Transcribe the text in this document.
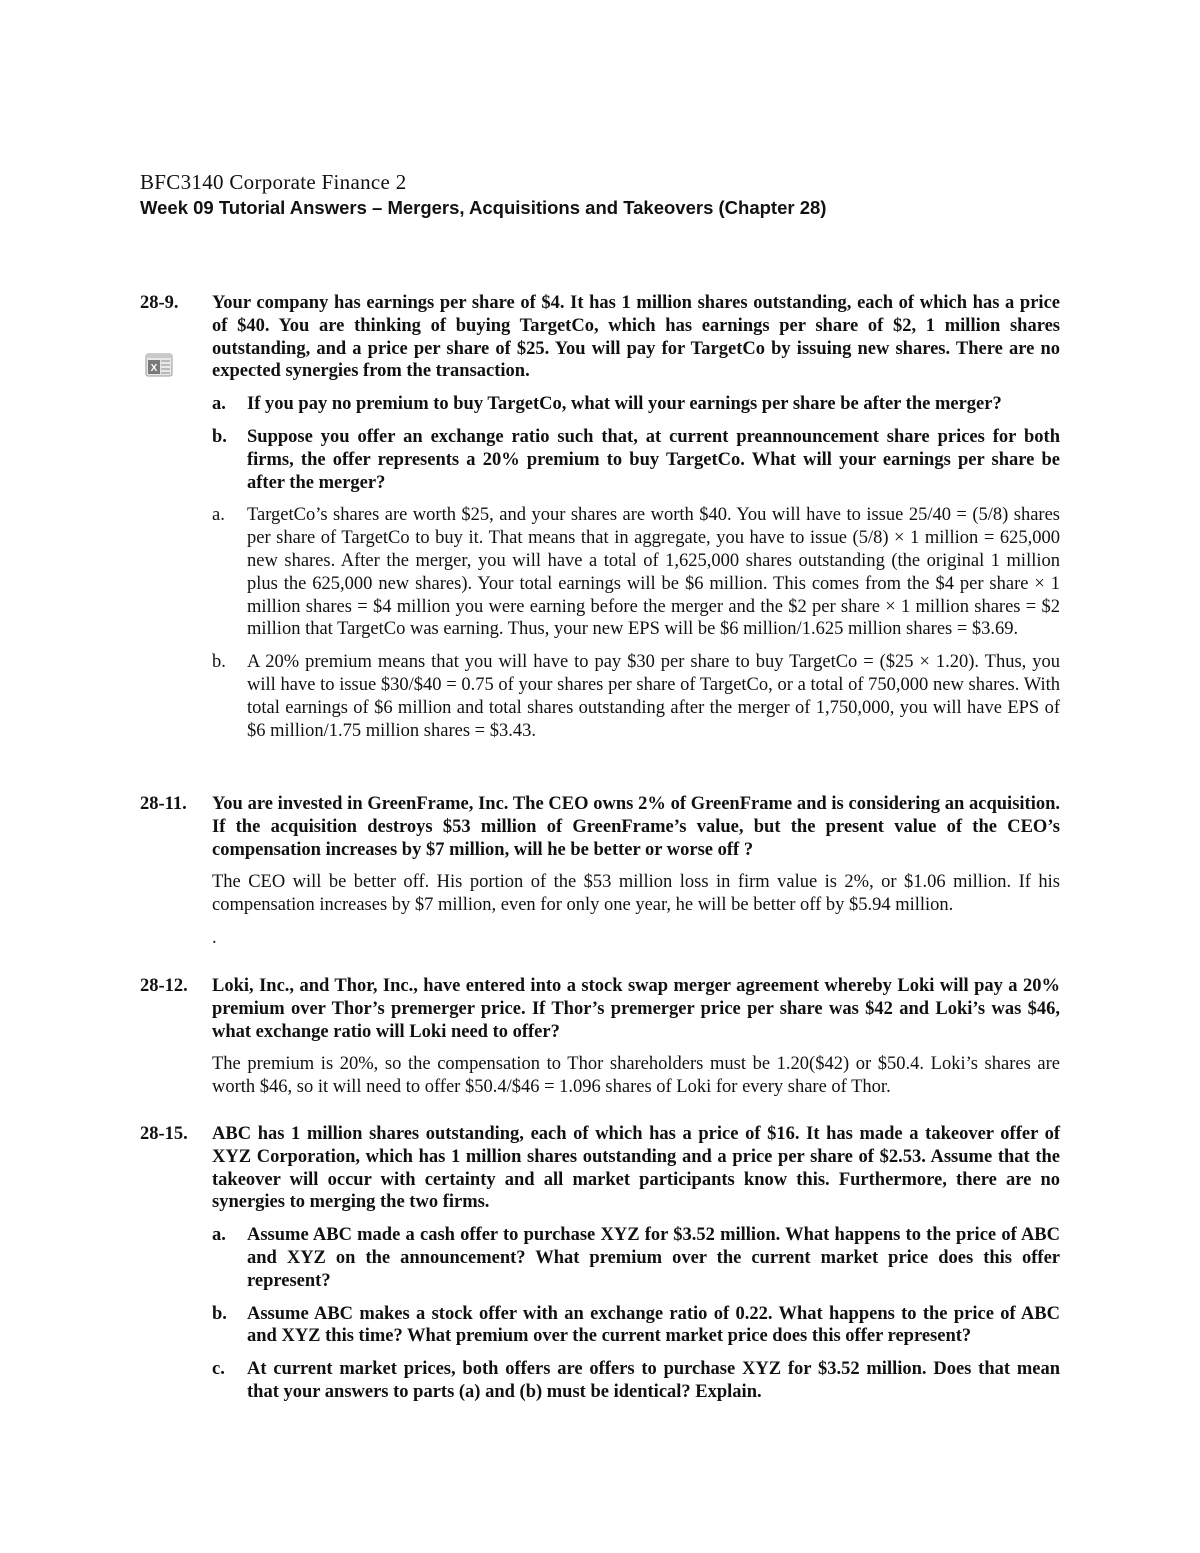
BFC3140 Corporate Finance 2
Week 09 Tutorial Answers – Mergers, Acquisitions and Takeovers (Chapter 28)
X
28-9. Your company has earnings per share of $4. It has 1 million shares outstanding, each of which has a price of $40. You are thinking of buying TargetCo, which has earnings per share of $2, 1 million shares outstanding, and a price per share of $25. You will pay for TargetCo by issuing new shares. There are no expected synergies from the transaction.
a. If you pay no premium to buy TargetCo, what will your earnings per share be after the merger?
b. Suppose you offer an exchange ratio such that, at current preannouncement share prices for both firms, the offer represents a 20% premium to buy TargetCo. What will your earnings per share be after the merger?
a. TargetCo’s shares are worth $25, and your shares are worth $40. You will have to issue 25/40 = (5/8) shares per share of TargetCo to buy it. That means that in aggregate, you have to issue (5/8) × 1 million = 625,000 new shares. After the merger, you will have a total of 1,625,000 shares outstanding (the original 1 million plus the 625,000 new shares). Your total earnings will be $6 million. This comes from the $4 per share × 1 million shares = $4 million you were earning before the merger and the $2 per share × 1 million shares = $2 million that TargetCo was earning. Thus, your new EPS will be $6 million/1.625 million shares = $3.69.
b. A 20% premium means that you will have to pay $30 per share to buy TargetCo = ($25 × 1.20). Thus, you will have to issue $30/$40 = 0.75 of your shares per share of TargetCo, or a total of 750,000 new shares. With total earnings of $6 million and total shares outstanding after the merger of 1,750,000, you will have EPS of $6 million/1.75 million shares = $3.43.
28-11. You are invested in GreenFrame, Inc. The CEO owns 2% of GreenFrame and is considering an acquisition. If the acquisition destroys $53 million of GreenFrame’s value, but the present value of the CEO’s compensation increases by $7 million, will he be better or worse off ?
The CEO will be better off. His portion of the $53 million loss in firm value is 2%, or $1.06 million. If his compensation increases by $7 million, even for only one year, he will be better off by $5.94 million.
.
28-12. Loki, Inc., and Thor, Inc., have entered into a stock swap merger agreement whereby Loki will pay a 20% premium over Thor’s premerger price. If Thor’s premerger price per share was $42 and Loki’s was $46, what exchange ratio will Loki need to offer?
The premium is 20%, so the compensation to Thor shareholders must be 1.20($42) or $50.4. Loki’s shares are worth $46, so it will need to offer $50.4/$46 = 1.096 shares of Loki for every share of Thor.
28-15. ABC has 1 million shares outstanding, each of which has a price of $16. It has made a takeover offer of XYZ Corporation, which has 1 million shares outstanding and a price per share of $2.53. Assume that the takeover will occur with certainty and all market participants know this. Furthermore, there are no synergies to merging the two firms.
a. Assume ABC made a cash offer to purchase XYZ for $3.52 million. What happens to the price of ABC and XYZ on the announcement? What premium over the current market price does this offer represent?
b. Assume ABC makes a stock offer with an exchange ratio of 0.22. What happens to the price of ABC and XYZ this time? What premium over the current market price does this offer represent?
c. At current market prices, both offers are offers to purchase XYZ for $3.52 million. Does that mean that your answers to parts (a) and (b) must be identical? Explain.
